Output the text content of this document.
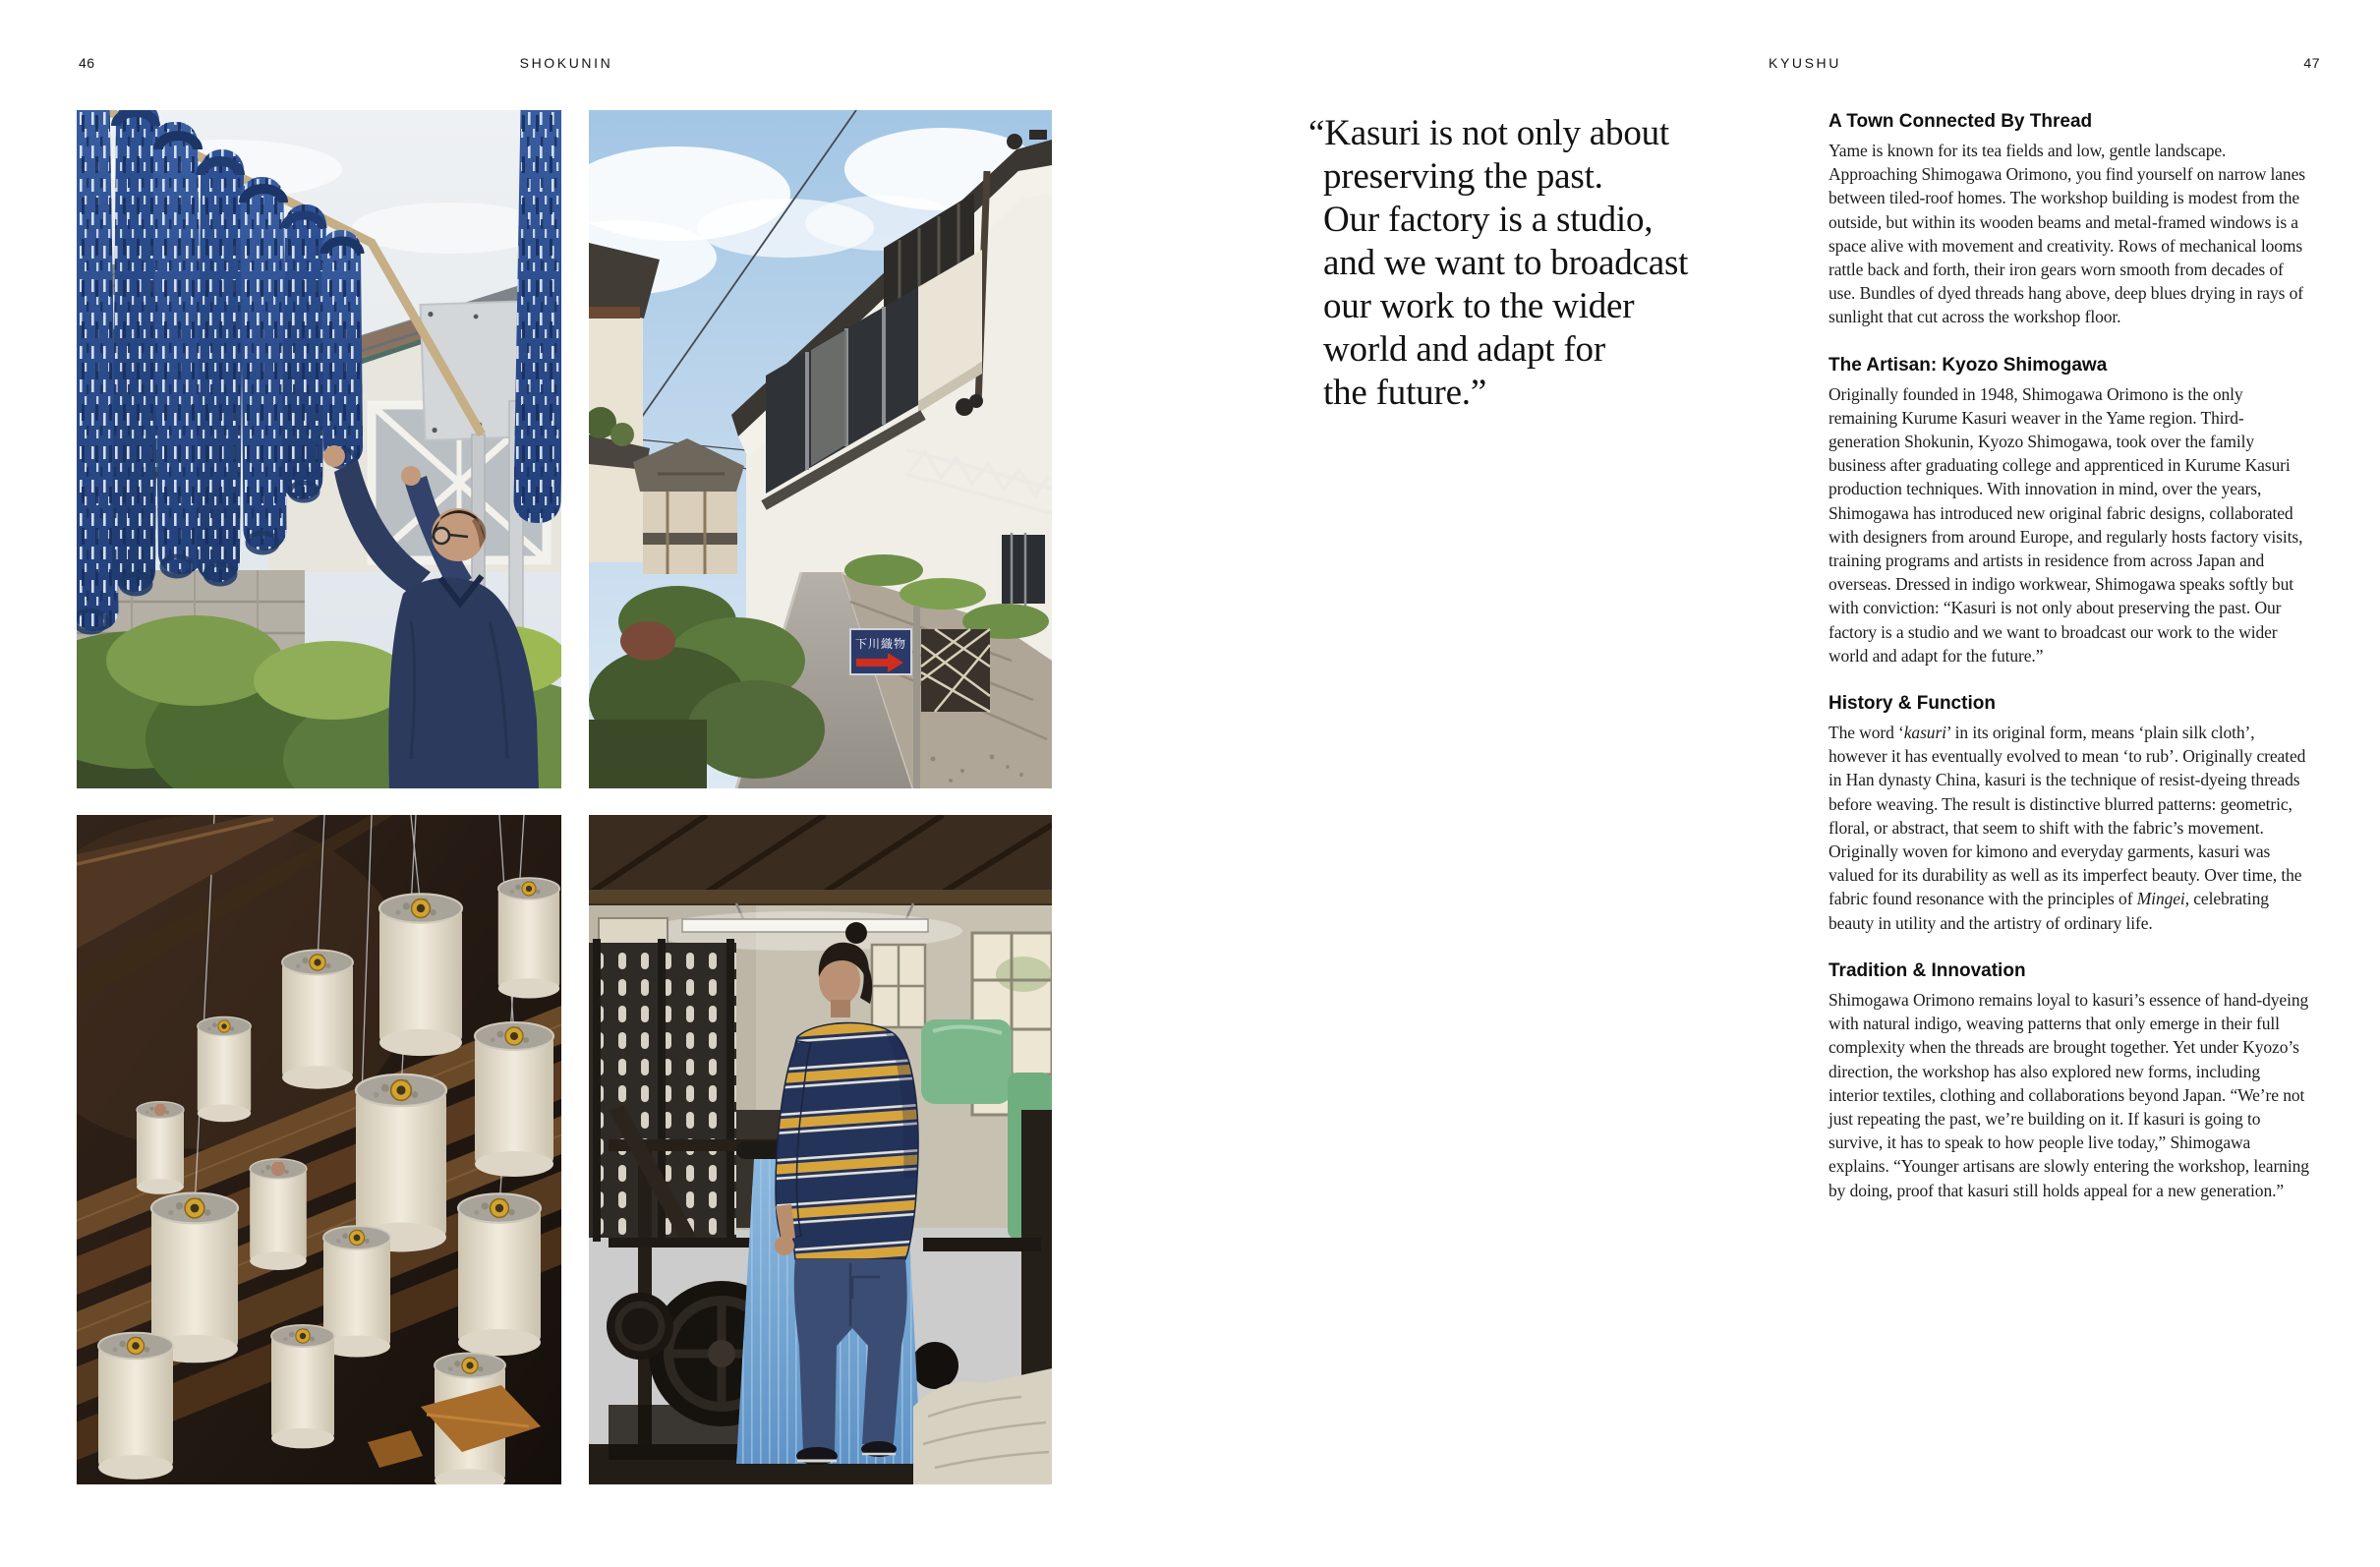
46	SHOKUNIN	KYUSHU	47
下川織物
“Kasuri is not only about
preserving the past.
Our factory is a studio,
and we want to broadcast
our work to the wider
world and adapt for
the future.”
A Town Connected By Thread

Yame is known for its tea fields and low, gentle landscape. Approaching Shimogawa Orimono, you find yourself on narrow lanes between tiled-roof homes. The workshop building is modest from the outside, but within its wooden beams and metal-framed windows is a space alive with movement and creativity. Rows of mechanical looms rattle back and forth, their iron gears worn smooth from decades of use. Bundles of dyed threads hang above, deep blues drying in rays of sunlight that cut across the workshop floor.

The Artisan: Kyozo Shimogawa

Originally founded in 1948, Shimogawa Orimono is the only remaining Kurume Kasuri weaver in the Yame region. Third-generation Shokunin, Kyozo Shimogawa, took over the family business after graduating college and apprenticed in Kurume Kasuri production techniques. With innovation in mind, over the years, Shimogawa has introduced new original fabric designs, collaborated with designers from around Europe, and regularly hosts factory visits, training programs and artists in residence from across Japan and overseas. Dressed in indigo workwear, Shimogawa speaks softly but with conviction: “Kasuri is not only about preserving the past. Our factory is a studio and we want to broadcast our work to the wider world and adapt for the future.”

History & Function

The word ‘kasuri’ in its original form, means ‘plain silk cloth’, however it has eventually evolved to mean ‘to rub’. Originally created in Han dynasty China, kasuri is the technique of resist-dyeing threads before weaving. The result is distinctive blurred patterns: geometric, floral, or abstract, that seem to shift with the fabric’s movement. Originally woven for kimono and everyday garments, kasuri was valued for its durability as well as its imperfect beauty. Over time, the fabric found resonance with the principles of Mingei, celebrating beauty in utility and the artistry of ordinary life.

Tradition & Innovation

Shimogawa Orimono remains loyal to kasuri’s essence of hand-dyeing with natural indigo, weaving patterns that only emerge in their full complexity when the threads are brought together. Yet under Kyozo’s direction, the workshop has also explored new forms, including interior textiles, clothing and collaborations beyond Japan. “We’re not just repeating the past, we’re building on it. If kasuri is going to survive, it has to speak to how people live today,” Shimogawa explains. “Younger artisans are slowly entering the workshop, learning by doing, proof that kasuri still holds appeal for a new generation.”
